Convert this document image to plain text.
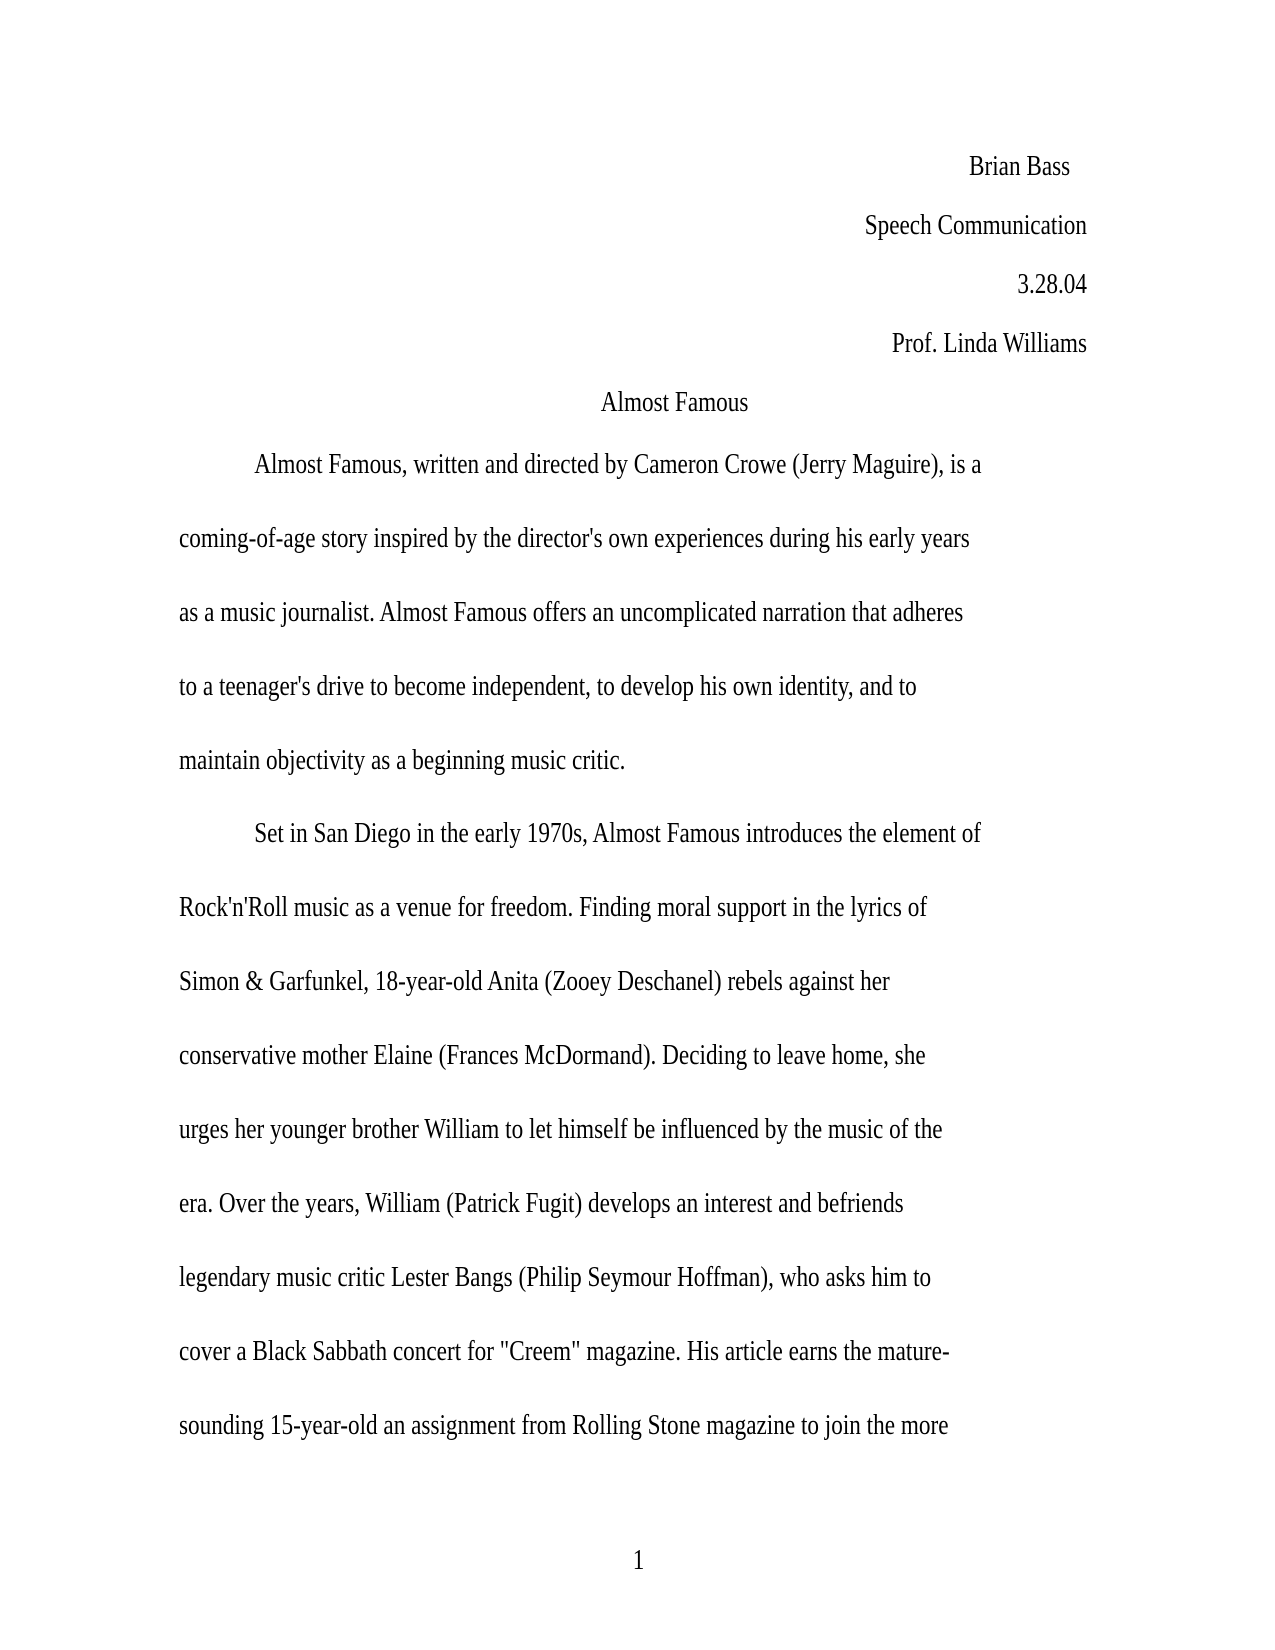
Brian Bass
Speech Communication
3.28.04
Prof. Linda Williams
Almost Famous
Almost Famous, written and directed by Cameron Crowe (Jerry Maguire), is a
coming-of-age story inspired by the director's own experiences during his early years
as a music journalist. Almost Famous offers an uncomplicated narration that adheres
to a teenager's drive to become independent, to develop his own identity, and to
maintain objectivity as a beginning music critic.
Set in San Diego in the early 1970s, Almost Famous introduces the element of
Rock'n'Roll music as a venue for freedom. Finding moral support in the lyrics of
Simon & Garfunkel, 18-year-old Anita (Zooey Deschanel) rebels against her
conservative mother Elaine (Frances McDormand). Deciding to leave home, she
urges her younger brother William to let himself be influenced by the music of the
era. Over the years, William (Patrick Fugit) develops an interest and befriends
legendary music critic Lester Bangs (Philip Seymour Hoffman), who asks him to
cover a Black Sabbath concert for "Creem" magazine. His article earns the mature-
sounding 15-year-old an assignment from Rolling Stone magazine to join the more
1
